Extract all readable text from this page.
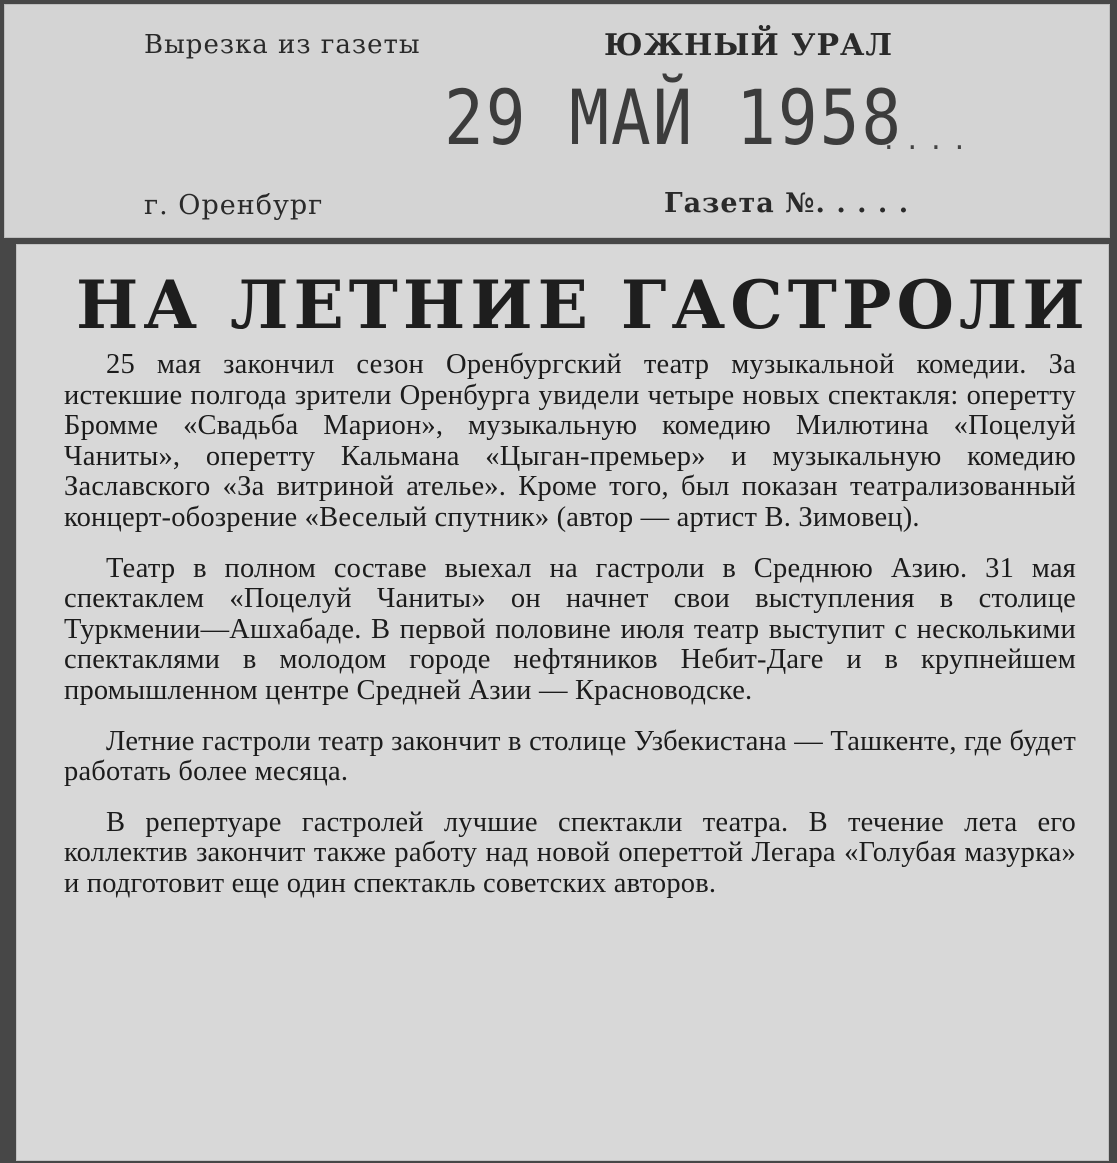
Вырезка из газеты	ЮЖНЫЙ УРАЛ
29 МАЙ 1958
....
г. Оренбург	Газета №. . . . .
НА ЛЕТНИЕ ГАСТРОЛИ

25 мая закончил сезон Оренбургский театр музыкальной комедии. За истекшие полгода зрители Оренбурга увидели четыре новых спектакля: оперетту Бромме «Свадьба Марион», музыкальную комедию Милютина «Поцелуй Чаниты», оперетту Кальмана «Цыган-премьер» и музыкальную комедию Заславского «За витриной ателье». Кроме того, был показан театрализованный концерт-обозрение «Веселый спутник» (автор — артист В. Зимовец).

Театр в полном составе выехал на гастроли в Среднюю Азию. 31 мая спектаклем «Поцелуй Чаниты» он начнет свои выступления в столице Туркмении—Ашхабаде. В первой половине июля театр выступит с несколькими спектаклями в молодом городе нефтяников Небит-Даге и в крупнейшем промышленном центре Средней Азии — Красноводске.

Летние гастроли театр закончит в столице Узбекистана — Ташкенте, где будет работать более месяца.

В репертуаре гастролей лучшие спектакли театра. В течение лета его коллектив закончит также работу над новой опереттой Легара «Голубая мазурка» и подготовит еще один спектакль советских авторов.
